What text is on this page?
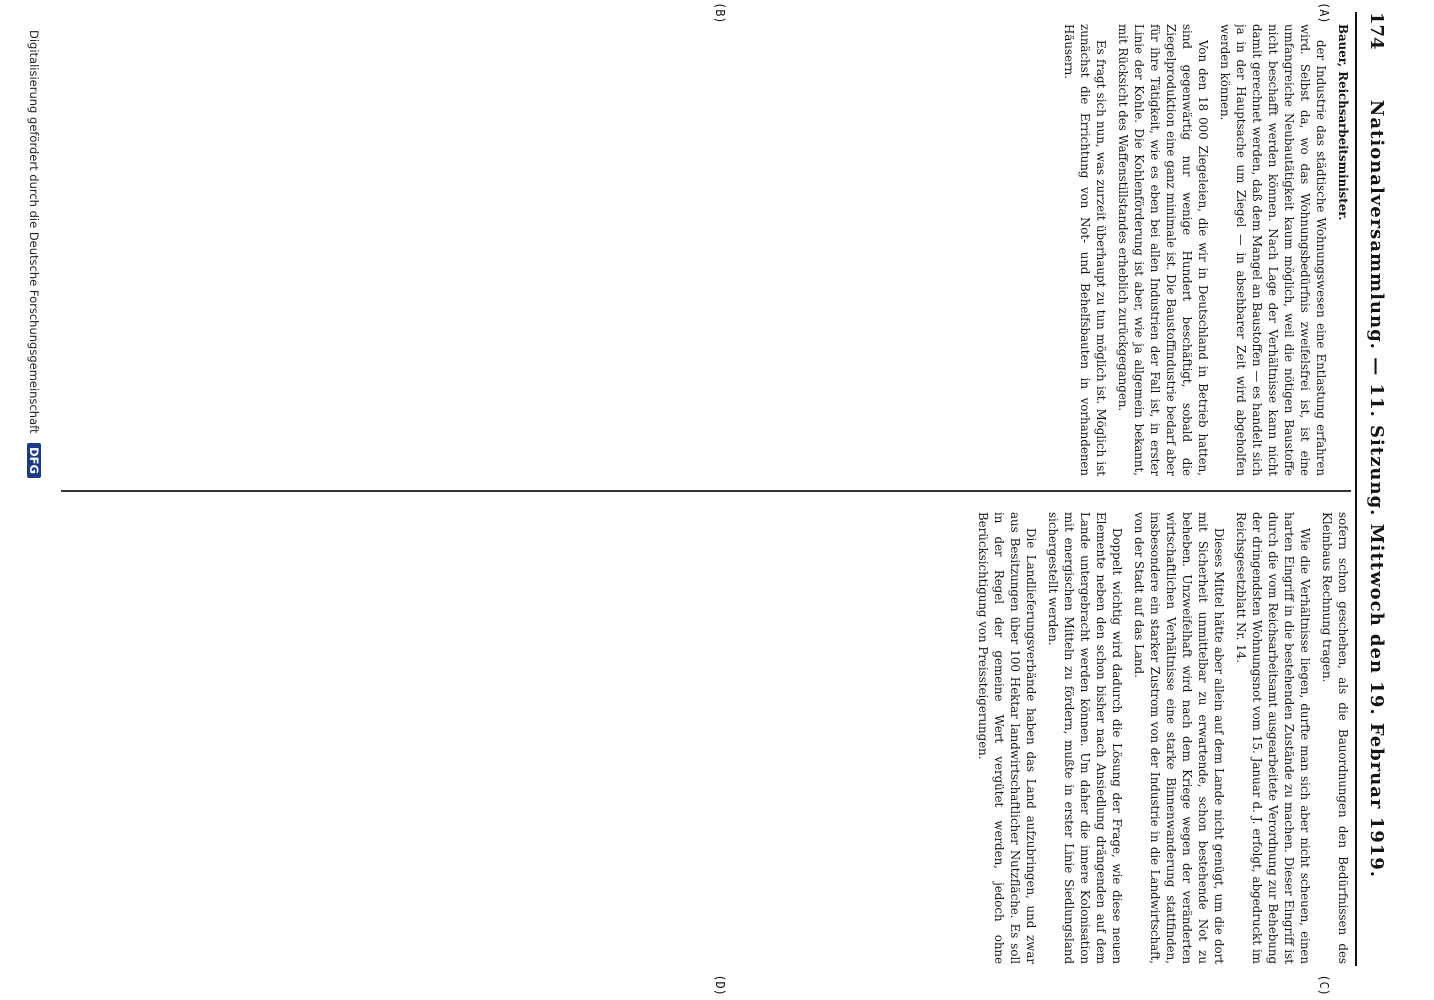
174
Nationalversammlung. — 11. Sitzung. Mittwoch den 19. Februar 1919.

Bauer, Reichsarbeitsminister.

der Industrie das städtische Wohnungswesen eine Entlastung erfahren wird. Selbst da, wo das Wohnungsbedürfnis zweifelsfrei ist, ist eine umfangreiche Neubautätigkeit kaum möglich, weil die nötigen Baustoffe nicht beschafft werden können. Nach Lage der Verhältnisse kann nicht damit gerechnet werden, daß dem Mangel an Baustoffen — es handelt sich ja in der Hauptsache um Ziegel — in absehbarer Zeit wird abgeholfen werden können.

Von den 18 000 Ziegeleien, die wir in Deutschland in Betrieb hatten, sind gegenwärtig nur wenige Hundert beschäftigt, sobald die Ziegelproduktion eine ganz minimale ist. Die Baustoffindustrie bedarf aber für ihre Tätigkeit, wie es eben bei allen Industrien der Fall ist, in erster Linie der Kohle. Die Kohlenförderung ist aber, wie ja allgemein bekannt, mit Rücksicht des Waffenstillstandes erheblich zurückgegangen.

Es fragt sich nun, was zurzeit überhaupt zu tun möglich ist. Möglich ist zunächst die Errichtung von Not- und Behelfsbauten in vorhandenen Häusern.

sofern schon geschehen, als die Bauordnungen den Bedürfnissen des Kleinbaus Rechnung tragen.

Wie die Verhältnisse liegen, durfte man sich aber nicht scheuen, einen harten Eingriff in die bestehenden Zustände zu machen. Dieser Eingriff ist durch die vom Reichsarbeitsamt ausgearbeitete Verordnung zur Behebung der dringendsten Wohnungsnot vom 15. Januar d. J. erfolgt, abgedruckt im Reichsgesetzblatt Nr. 14.

Dieses Mittel hätte aber allein auf dem Lande nicht genügt, um die dort mit Sicherheit unmittelbar zu erwartende, schon bestehende Not zu beheben. Unzweifelhaft wird nach dem Kriege wegen der veränderten wirtschaftlichen Verhältnisse eine starke Binnenwanderung stattfinden, insbesondere ein starker Zustrom von der Industrie in die Landwirtschaft, von der Stadt auf das Land.

Doppelt wichtig wird dadurch die Lösung der Frage, wie diese neuen Elemente neben den schon bisher nach Ansiedlung drängenden auf dem Lande untergebracht werden können. Um daher die innere Kolonisation mit energischen Mitteln zu fördern, mußte in erster Linie Siedlungsland sichergestellt werden.

Die Landlieferungsverbände haben das Land aufzubringen, und zwar aus Besitzungen über 100 Hektar landwirtschaftlicher Nutzfläche. Es soll in der Regel der gemeine Wert vergütet werden, jedoch ohne Berücksichtigung von Preissteigerungen.

(A)
(B)
(C)
(D)
Digitalisierung gefördert durch die Deutsche Forschungsgemeinschaft DFG
